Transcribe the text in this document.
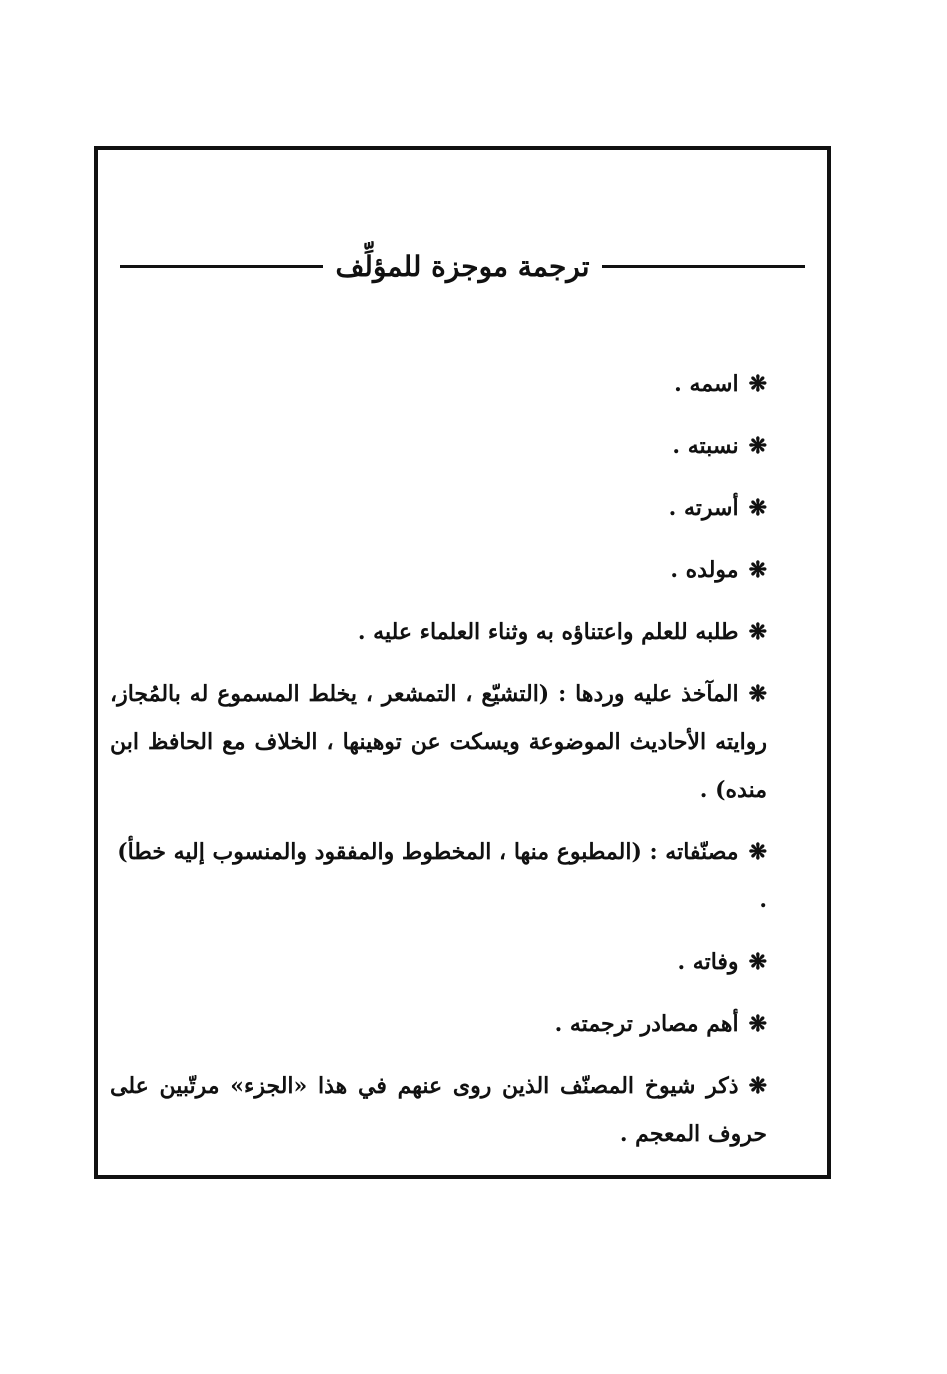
ترجمة موجزة للمؤلِّف
❋اسمه .
❋نسبته .
❋أسرته .
❋مولده .
❋طلبه للعلم واعتناؤه به وثناء العلماء عليه .
❋المآخذ عليه وردها : (التشيّع ، التمشعر ، يخلط المسموع له بالمُجاز، روايته الأحاديث الموضوعة ويسكت عن توهينها ، الخلاف مع الحافظ ابن منده) .
❋مصنّفاته : (المطبوع منها ، المخطوط والمفقود والمنسوب إليه خطأ) .
❋وفاته .
❋أهم مصادر ترجمته .
❋ذكر شيوخ المصنّف الذين روى عنهم في هذا «الجزء» مرتّبين على حروف المعجم .
